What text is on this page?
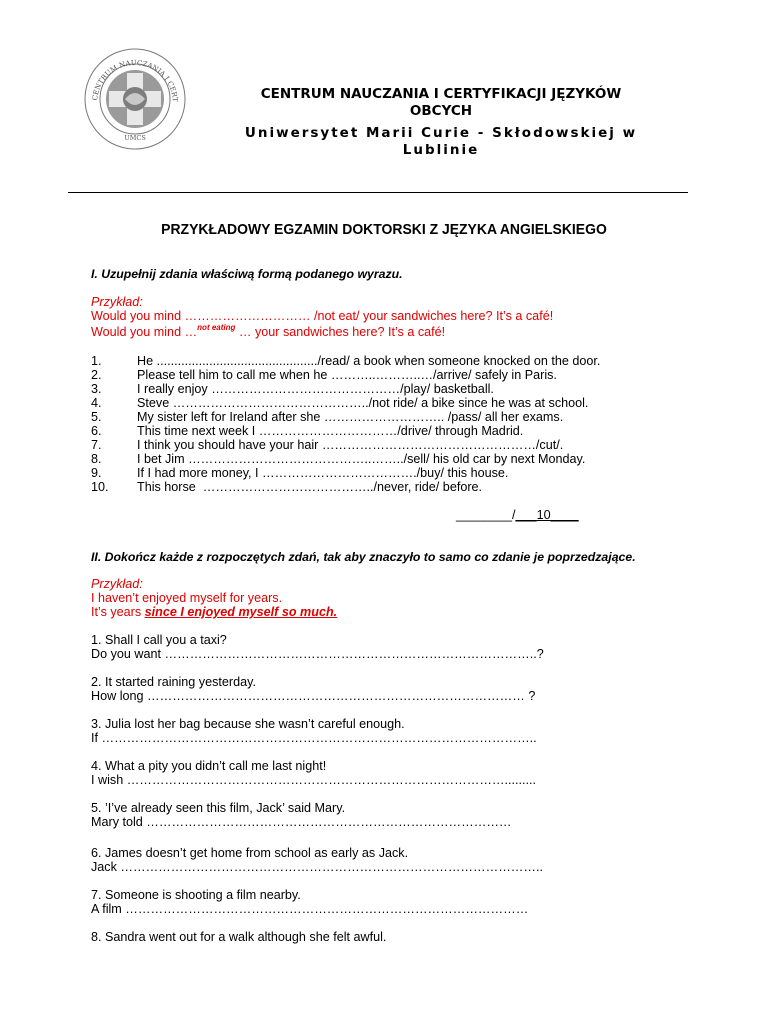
CENTRUM NAUCZANIA I CERT
UMCS
CENTRUM NAUCZANIA I CERTYFIKACJI JĘZYKÓW
OBCYCH
Uniwersytet Marii Curie - Skłodowskiej w
Lublinie
PRZYKŁADOWY EGZAMIN DOKTORSKI Z JĘZYKA ANGIELSKIEGO
I. Uzupełnij zdania właściwą formą podanego wyrazu.
Przykład:
Would you mind ………………………… /not eat/ your sandwiches here? It’s a café!
Would you mind …$^{not eating}$ … your sandwiches here? It’s a café!
1.	He ............................................../read/ a book when someone knocked on the door.
2.	Please tell him to call me when he ………..………..…/arrive/ safely in Paris.
3.	I really enjoy ………………………………………/play/ basketball.
4.	Steve ………………………………………../not ride/ a bike since he was at school.
5.	My sister left for Ireland after she ……………………….. /pass/ all her exams.
6.	This time next week I ……………………………/drive/ through Madrid.
7.	I think you should have your hair ……………………………………………/cut/.
8.	I bet Jim ……………………………………..……../sell/ his old car by next Monday.
9.	If I had more money, I ………………………………./buy/ this house.
10. This horse  …………………………………../never, ride/ before.
________/___10____
II. Dokończ każde z rozpoczętych zdań, tak aby znaczyło to samo co zdanie je poprzedzające.
Przykład:
I haven’t enjoyed myself for years.
It’s years since I enjoyed myself so much.
1. Shall I call you a taxi?
Do you want ……………………………………………………………………………..?
2. It started raining yesterday.
How long ……………………………………………………………………………… ?
3. Julia lost her bag because she wasn’t careful enough.
If …………………………………………………………………………………………..
4. What a pity you didn’t call me last night!
I wish ……………………………………………………………………………….........
5. ’I’ve already seen this film, Jack’ said Mary.
Mary told ……………………………………………………………………………
6. James doesn’t get home from school as early as Jack.
Jack ………………………………………………………………………………………..
7. Someone is shooting a film nearby.
A film ……………………………………………………………………………………
8. Sandra went out for a walk although she felt awful.
